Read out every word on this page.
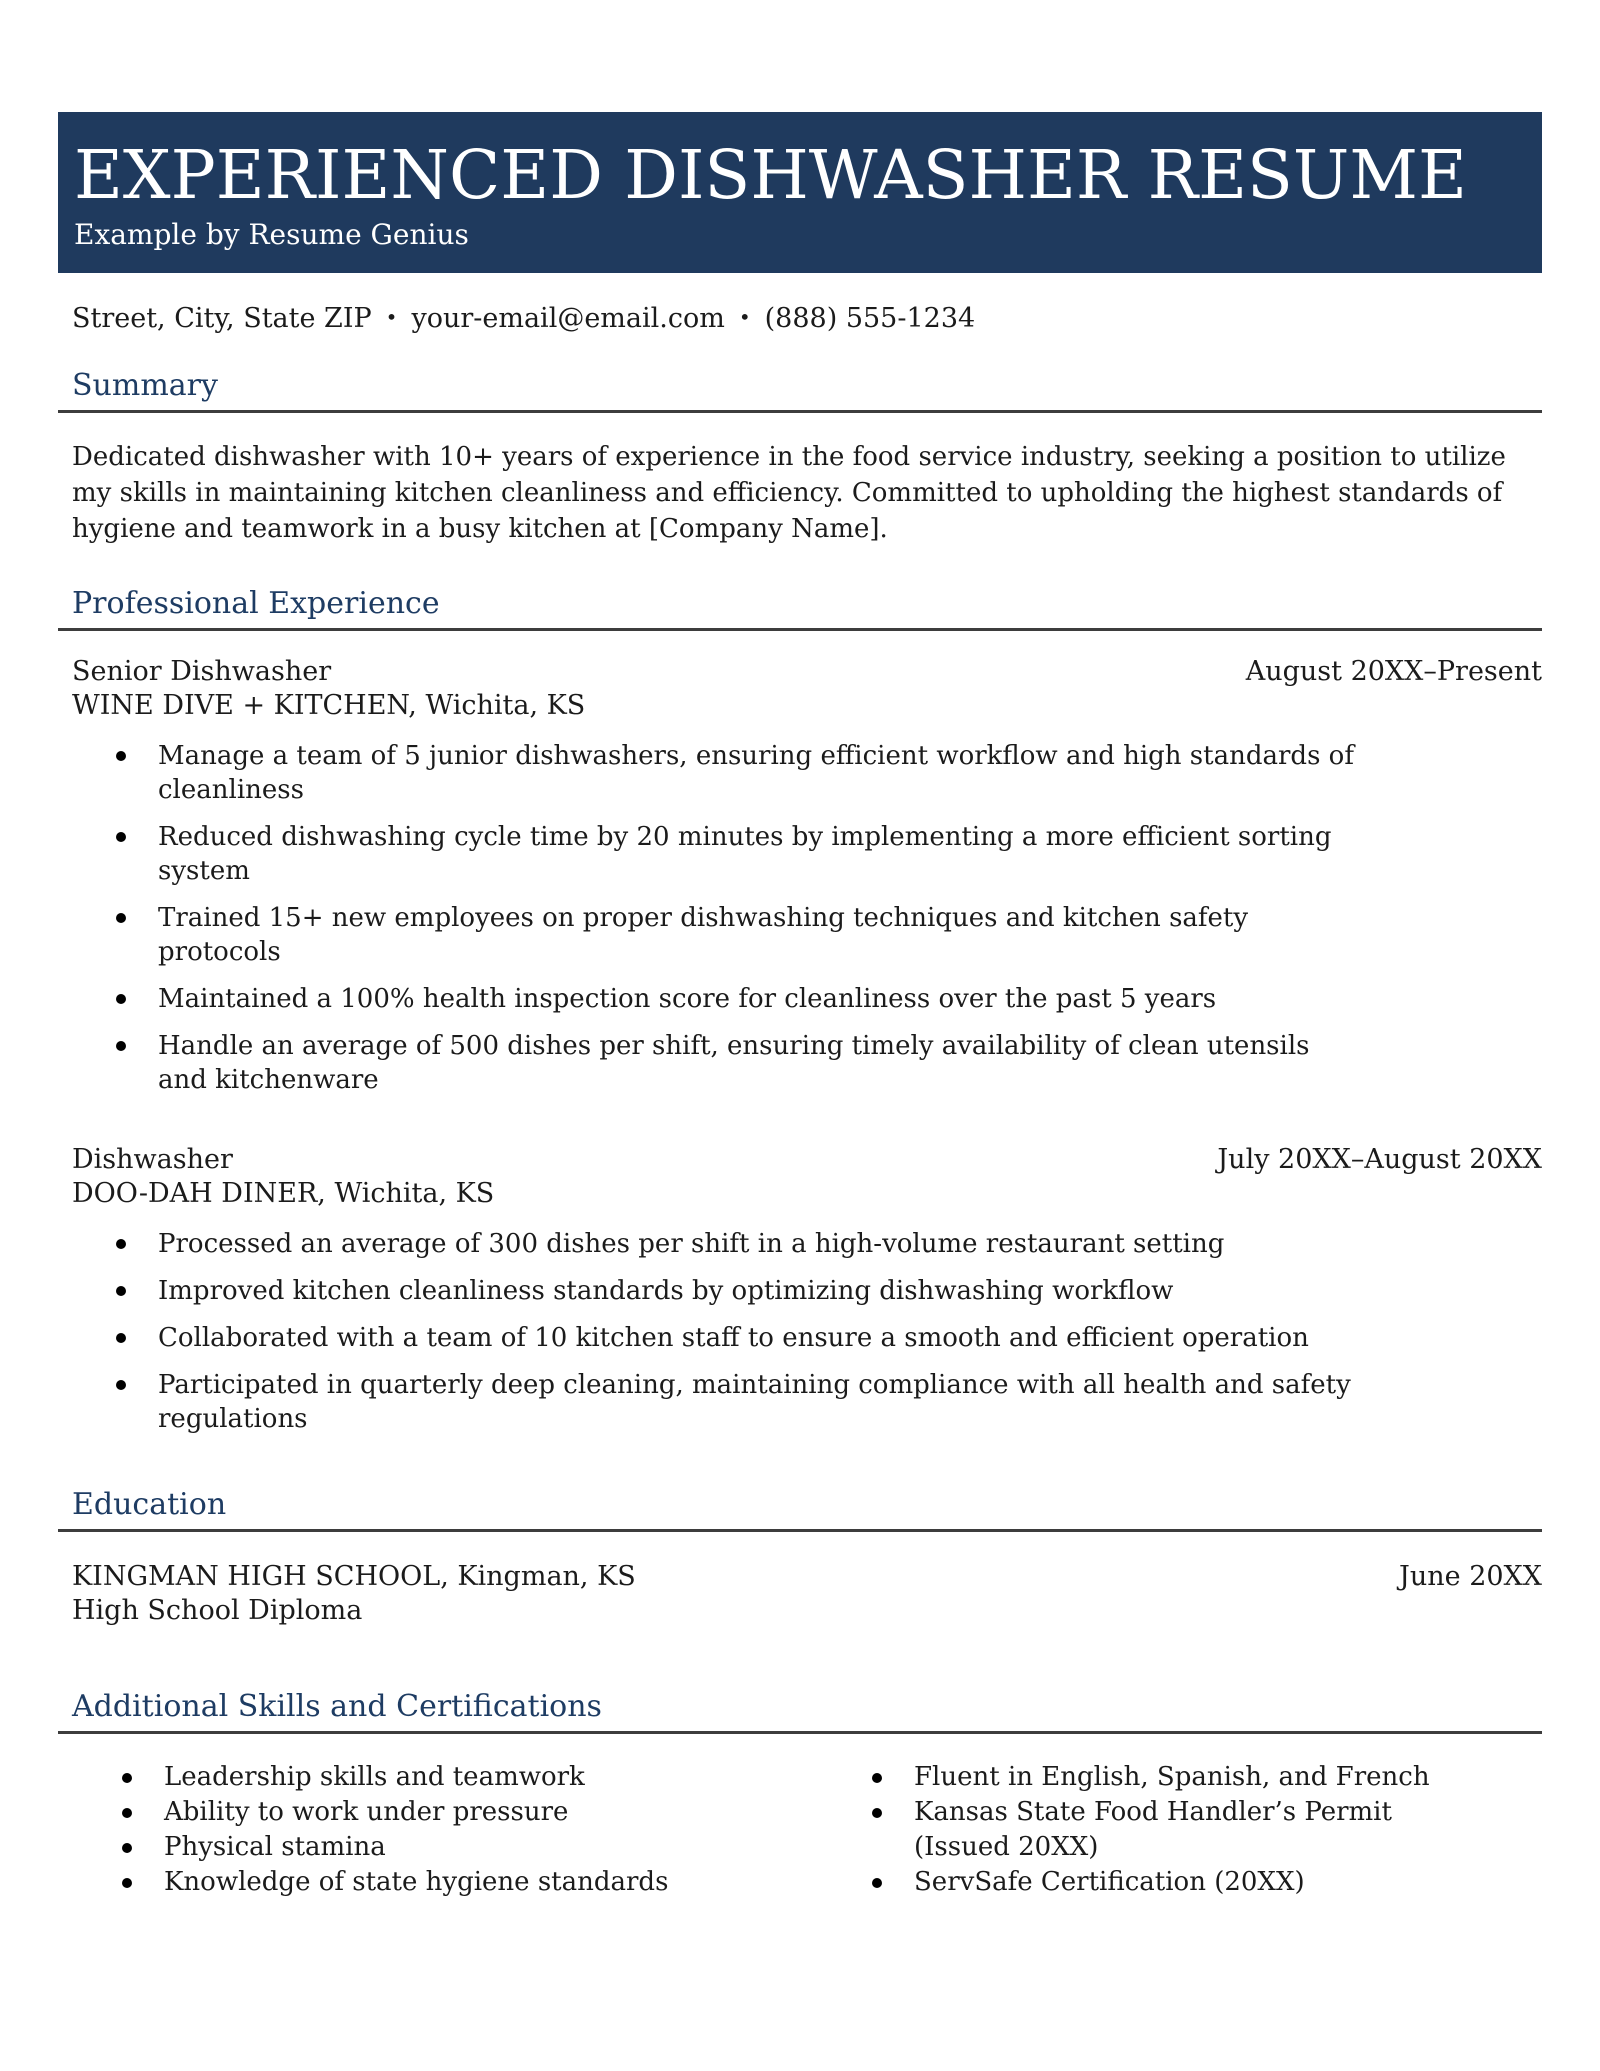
EXPERIENCED DISHWASHER RESUME
Example by Resume Genius
Street, City, State ZIP • your-email@email.com • (888) 555-1234
Summary

Dedicated dishwasher with 10+ years of experience in the food service industry, seeking a position to utilize my skills in maintaining kitchen cleanliness and efficiency. Committed to upholding the highest standards of hygiene and teamwork in a busy kitchen at [Company Name].

Professional Experience
Senior Dishwasher	August 20XX–Present
WINE DIVE + KITCHEN, Wichita, KS
Manage a team of 5 junior dishwashers, ensuring efficient workflow and high standards of cleanliness
Reduced dishwashing cycle time by 20 minutes by implementing a more efficient sorting system
Trained 15+ new employees on proper dishwashing techniques and kitchen safety protocols
Maintained a 100% health inspection score for cleanliness over the past 5 years
Handle an average of 500 dishes per shift, ensuring timely availability of clean utensils and kitchenware
Dishwasher	July 20XX–August 20XX
DOO-DAH DINER, Wichita, KS
Processed an average of 300 dishes per shift in a high-volume restaurant setting
Improved kitchen cleanliness standards by optimizing dishwashing workflow
Collaborated with a team of 10 kitchen staff to ensure a smooth and efficient operation
Participated in quarterly deep cleaning, maintaining compliance with all health and safety regulations
Education
KINGMAN HIGH SCHOOL, Kingman, KS	June 20XX
High School Diploma
Additional Skills and Certifications
Leadership skills and teamwork
Ability to work under pressure
Physical stamina
Knowledge of state hygiene standards
Fluent in English, Spanish, and French
Kansas State Food Handler’s Permit (Issued 20XX)
ServSafe Certification (20XX)
